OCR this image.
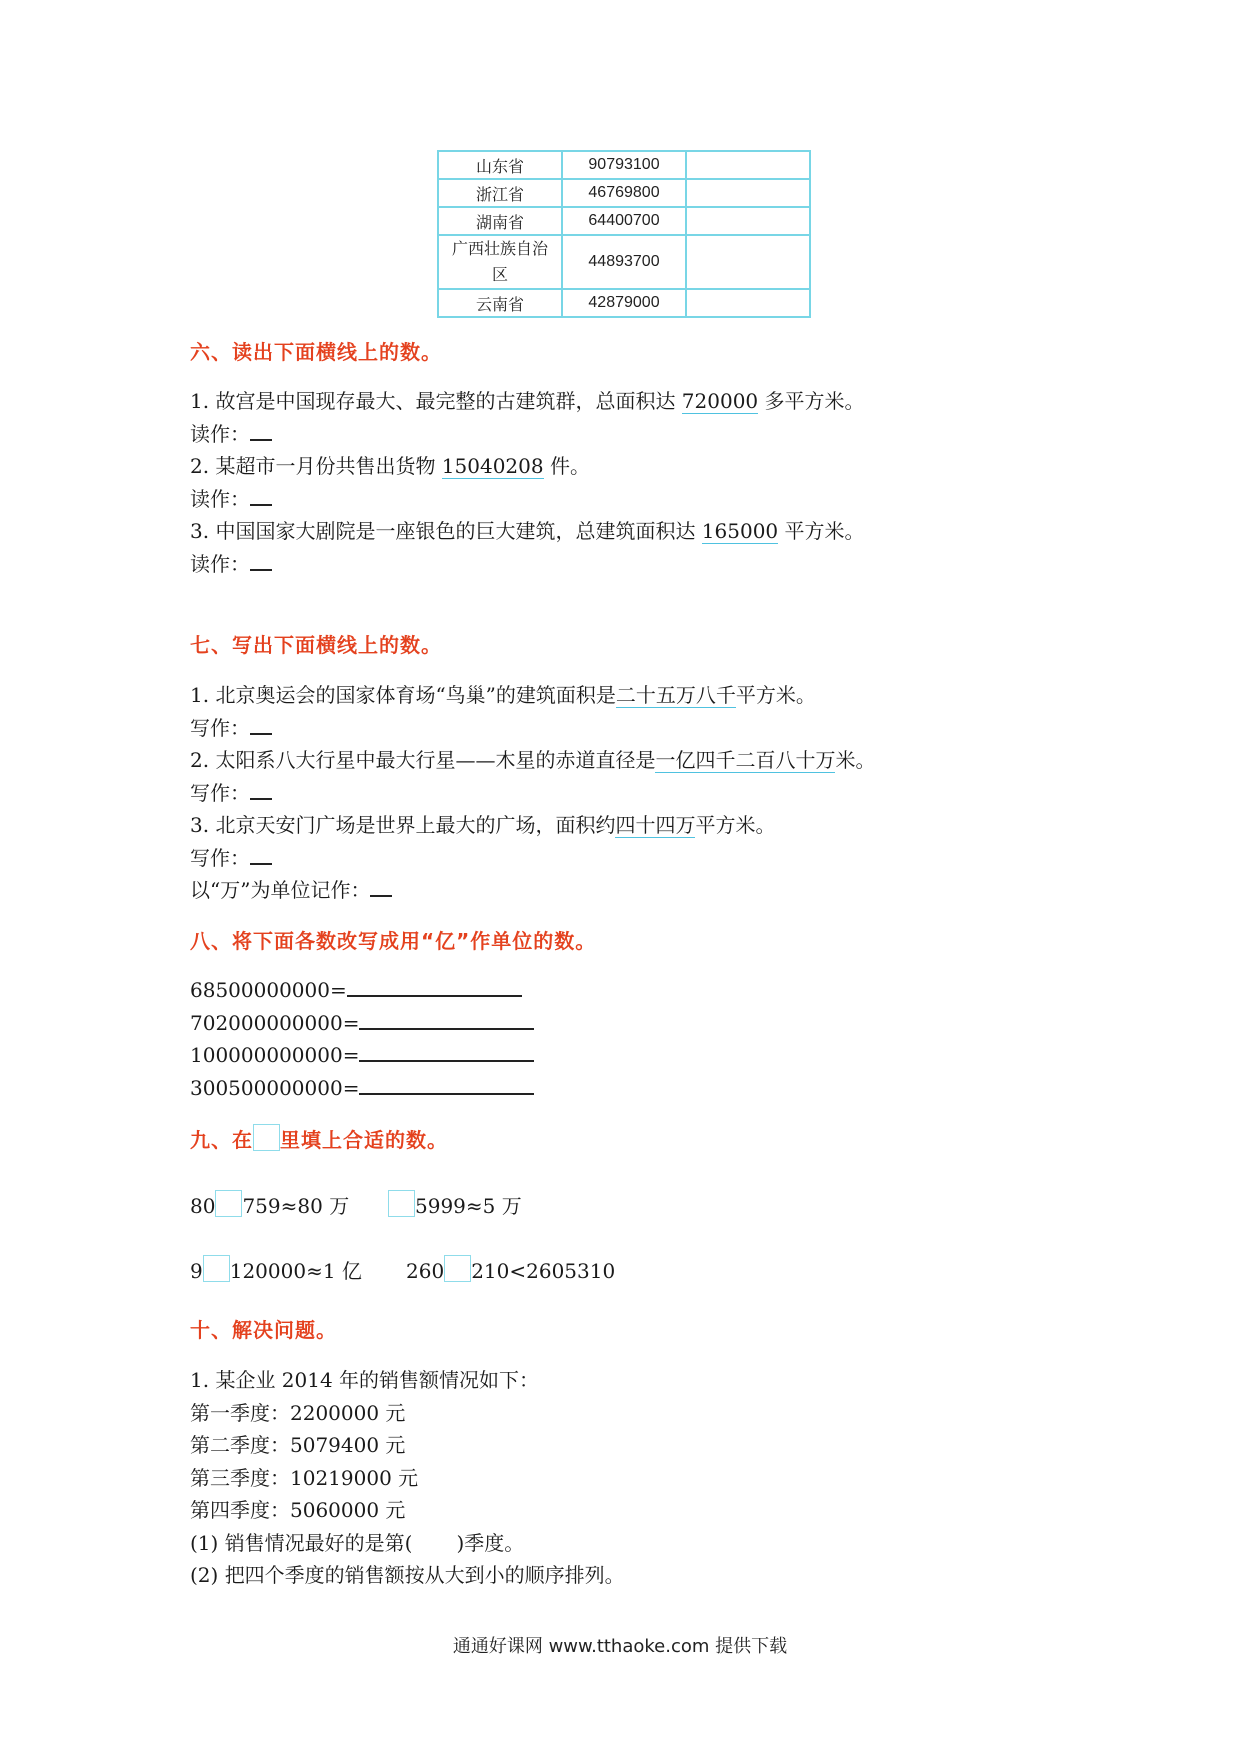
山东省	90793100	
浙江省	46769800	
湖南省	64400700	
广西壮族自治
区	44893700	
云南省	42879000	
六、读出下面横线上的数。
1. 故宫是中国现存最大、最完整的古建筑群，总面积达 720000 多平方米。
读作：
2. 某超市一月份共售出货物 15040208 件。
读作：
3. 中国国家大剧院是一座银色的巨大建筑，总建筑面积达 165000 平方米。
读作：
七、写出下面横线上的数。
1. 北京奥运会的国家体育场“鸟巢”的建筑面积是二十五万八千平方米。
写作：
2. 太阳系八大行星中最大行星——木星的赤道直径是一亿四千二百八十万米。
写作：
3. 北京天安门广场是世界上最大的广场，面积约四十四万平方米。
写作：
以“万”为单位记作：
八、将下面各数改写成用“亿”作单位的数。
68500000000=
702000000000=
100000000000=
300500000000=
九、在 里填上合适的数。
80 759≈80 万	5999≈5 万
9 120000≈1 亿 260 210<2605310
十、解决问题。
1. 某企业 2014 年的销售额情况如下：
第一季度：2200000 元
第二季度：5079400 元
第三季度：10219000 元
第四季度：5060000 元
(1) 销售情况最好的是第( )季度。
(2) 把四个季度的销售额按从大到小的顺序排列。
通通好课网 www.tthaoke.com 提供下载
